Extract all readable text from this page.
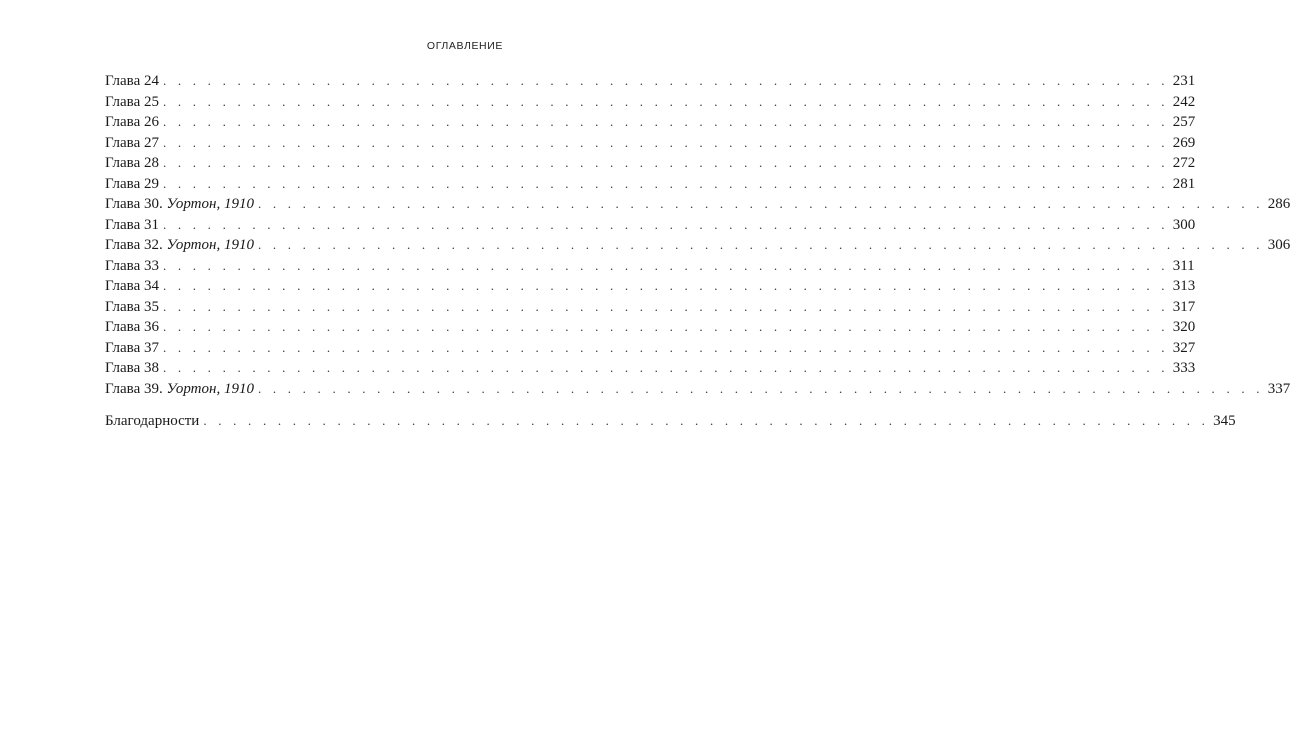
ОГЛАВЛЕНИЕ
Глава 24 . . . . . . . . . . . . . . . . . . . . . . . . . . . . . . . . . . . . . . . . . . . . . . . . . . . . . . . . . . . . . . . . . . . . 231
Глава 25 . . . . . . . . . . . . . . . . . . . . . . . . . . . . . . . . . . . . . . . . . . . . . . . . . . . . . . . . . . . . . . . . . . . . 242
Глава 26 . . . . . . . . . . . . . . . . . . . . . . . . . . . . . . . . . . . . . . . . . . . . . . . . . . . . . . . . . . . . . . . . . . . . 257
Глава 27 . . . . . . . . . . . . . . . . . . . . . . . . . . . . . . . . . . . . . . . . . . . . . . . . . . . . . . . . . . . . . . . . . . . . 269
Глава 28 . . . . . . . . . . . . . . . . . . . . . . . . . . . . . . . . . . . . . . . . . . . . . . . . . . . . . . . . . . . . . . . . . . . . 272
Глава 29 . . . . . . . . . . . . . . . . . . . . . . . . . . . . . . . . . . . . . . . . . . . . . . . . . . . . . . . . . . . . . . . . . . . . 281
Глава 30. Уортон, 1910 . . . . . . . . . . . . . . . . . . . . . . . . . . . . . . . . . . . . . . . . . . . . . . . . . . . . . . . . . . . . . . . . . . . . 286
Глава 31 . . . . . . . . . . . . . . . . . . . . . . . . . . . . . . . . . . . . . . . . . . . . . . . . . . . . . . . . . . . . . . . . . . . . 300
Глава 32. Уортон, 1910 . . . . . . . . . . . . . . . . . . . . . . . . . . . . . . . . . . . . . . . . . . . . . . . . . . . . . . . . . . . . . . . . . . . . 306
Глава 33 . . . . . . . . . . . . . . . . . . . . . . . . . . . . . . . . . . . . . . . . . . . . . . . . . . . . . . . . . . . . . . . . . . . . 311
Глава 34 . . . . . . . . . . . . . . . . . . . . . . . . . . . . . . . . . . . . . . . . . . . . . . . . . . . . . . . . . . . . . . . . . . . . 313
Глава 35 . . . . . . . . . . . . . . . . . . . . . . . . . . . . . . . . . . . . . . . . . . . . . . . . . . . . . . . . . . . . . . . . . . . . 317
Глава 36 . . . . . . . . . . . . . . . . . . . . . . . . . . . . . . . . . . . . . . . . . . . . . . . . . . . . . . . . . . . . . . . . . . . . 320
Глава 37 . . . . . . . . . . . . . . . . . . . . . . . . . . . . . . . . . . . . . . . . . . . . . . . . . . . . . . . . . . . . . . . . . . . . 327
Глава 38 . . . . . . . . . . . . . . . . . . . . . . . . . . . . . . . . . . . . . . . . . . . . . . . . . . . . . . . . . . . . . . . . . . . . 333
Глава 39. Уортон, 1910 . . . . . . . . . . . . . . . . . . . . . . . . . . . . . . . . . . . . . . . . . . . . . . . . . . . . . . . . . . . . . . . . . . . . 337
Благодарности . . . . . . . . . . . . . . . . . . . . . . . . . . . . . . . . . . . . . . . . . . . . . . . . . . . . . . . . . . . . . . . . . . . . 345
